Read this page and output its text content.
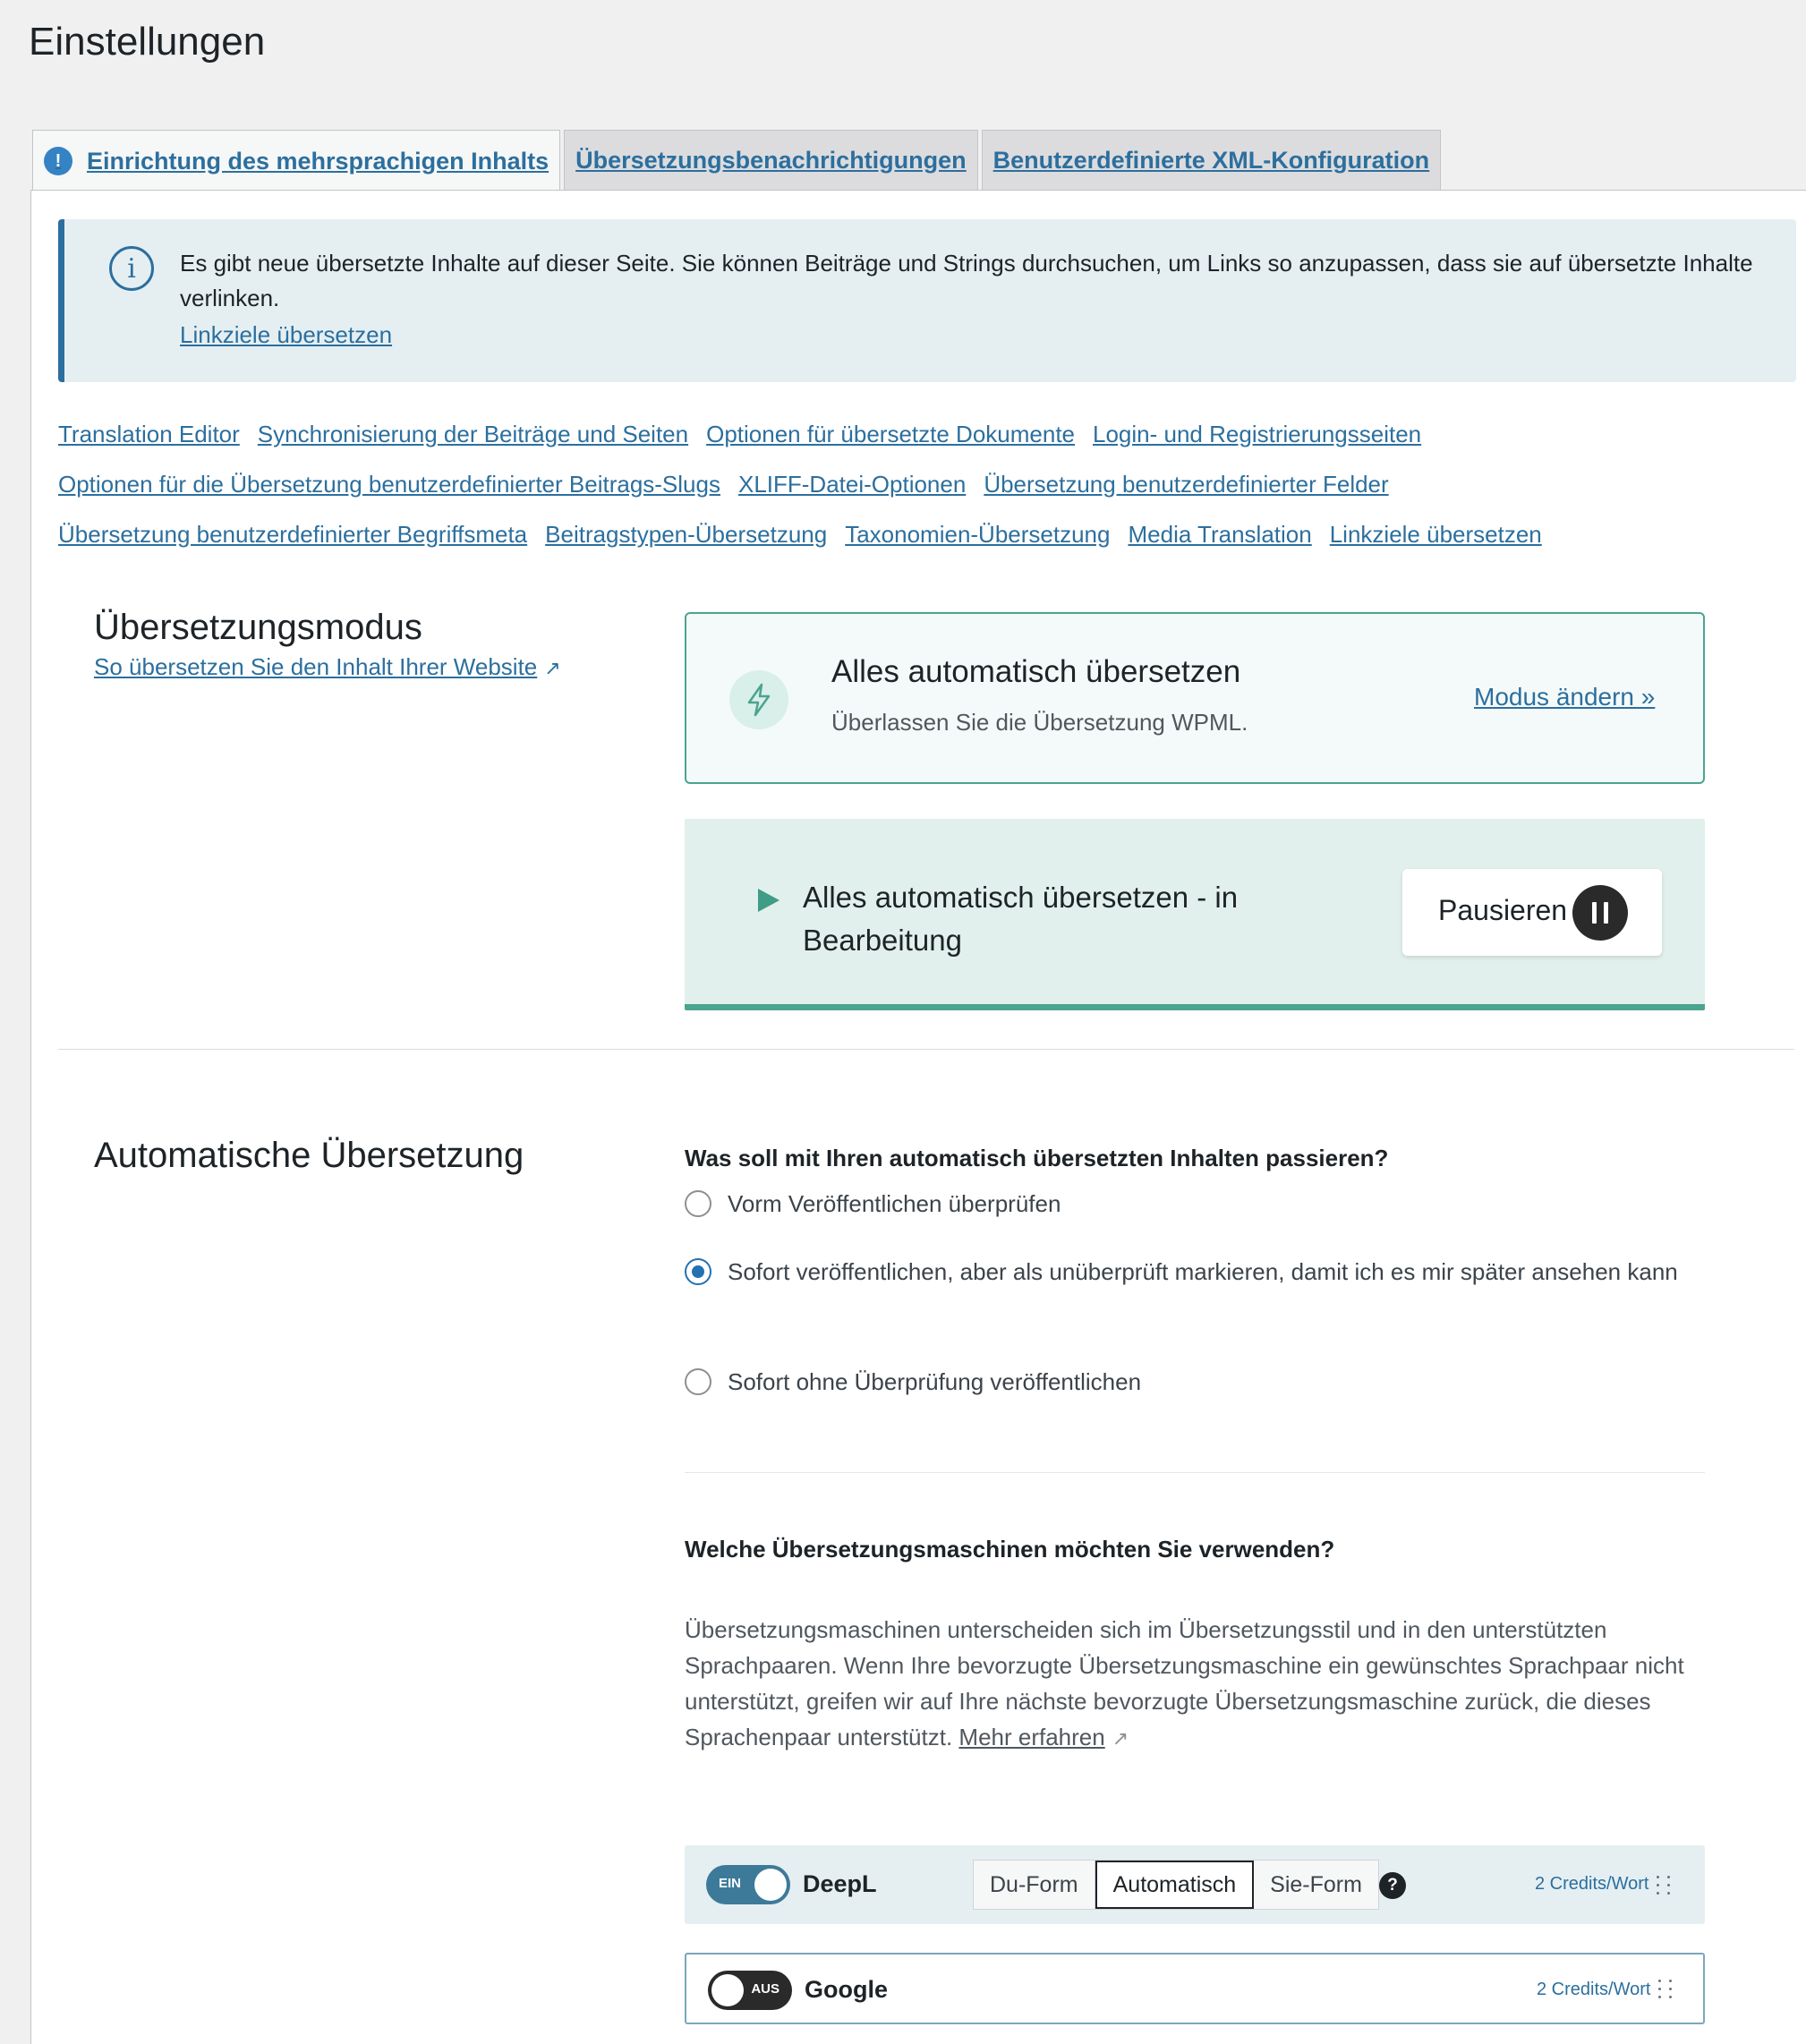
Einstellungen
!	Einrichtung des mehrsprachigen Inhalts Übersetzungsbenachrichtigungen Benutzerdefinierte XML-Konfiguration
i	Es gibt neue übersetzte Inhalte auf dieser Seite. Sie können Beiträge und Strings durchsuchen, um Links so anzupassen, dass sie auf übersetzte Inhalte verlinken.
Linkziele übersetzen
Translation Editor Synchronisierung der Beiträge und Seiten Optionen für übersetzte Dokumente Login- und Registrierungsseiten
Optionen für die Übersetzung benutzerdefinierter Beitrags-Slugs XLIFF-Datei-Optionen Übersetzung benutzerdefinierter Felder
Übersetzung benutzerdefinierter Begriffsmeta Beitragstypen-Übersetzung Taxonomien-Übersetzung Media Translation Linkziele übersetzen
Übersetzungsmodus
So übersetzen Sie den Inhalt Ihrer Website ↗	Alles automatisch übersetzen
Überlassen Sie die Übersetzung WPML.
Modus ändern »
Alles automatisch übersetzen - in Bearbeitung
Pausieren
Automatische Übersetzung	Was soll mit Ihren automatisch übersetzten Inhalten passieren?
Vorm Veröffentlichen überprüfen
Sofort veröffentlichen, aber als unüberprüft markieren, damit ich es mir später ansehen kann
Sofort ohne Überprüfung veröffentlichen
Welche Übersetzungsmaschinen möchten Sie verwenden?
Übersetzungsmaschinen unterscheiden sich im Übersetzungsstil und in den unterstützten Sprachpaaren. Wenn Ihre bevorzugte Übersetzungsmaschine ein gewünschtes Sprachpaar nicht unterstützt, greifen wir auf Ihre nächste bevorzugte Übersetzungsmaschine zurück, die dieses Sprachenpaar unterstützt. Mehr erfahren ↗
EIN	DeepL	Du-Form	Automatisch	Sie-Form	?	2 Credits/Wort
AUS Google	2 Credits/Wort
